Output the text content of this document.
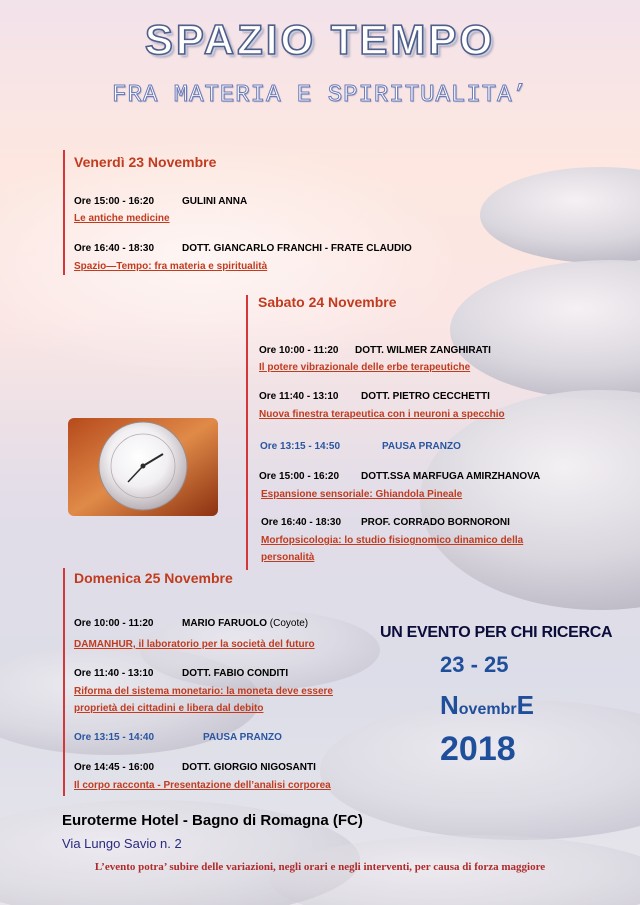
SPAZIO TEMPO
FRA MATERIA E SPIRITUALITA’
Venerdì 23 Novembre
Ore 15:00 - 16:20	GULINI ANNA
Le antiche medicine
Ore 16:40 - 18:30	DOTT. GIANCARLO FRANCHI - FRATE CLAUDIO
Spazio—Tempo: fra materia e spiritualità
Sabato 24 Novembre
Ore 10:00 - 11:20 DOTT. WILMER ZANGHIRATI
Il potere vibrazionale delle erbe terapeutiche
Ore 11:40 - 13:10 DOTT. PIETRO CECCHETTI
Nuova finestra terapeutica con i neuroni a specchio
Ore 13:15 - 14:50	PAUSA PRANZO
Ore 15:00 - 16:20 DOTT.SSA MARFUGA AMIRZHANOVA
Espansione sensoriale: Ghiandola Pineale
Ore 16:40 - 18:30 PROF. CORRADO BORNORONI
Morfopsicologia: lo studio fisiognomico dinamico della
personalità
Domenica 25 Novembre
Ore 10:00 - 11:20	MARIO FARUOLO (Coyote)
DAMANHUR, il laboratorio per la società del futuro
Ore 11:40 - 13:10	DOTT. FABIO CONDITI
Riforma del sistema monetario: la moneta deve essere
proprietà dei cittadini e libera dal debito
Ore 13:15 - 14:40	PAUSA PRANZO
Ore 14:45 - 16:00	DOTT. GIORGIO NIGOSANTI
Il corpo racconta - Presentazione dell’analisi corporea
UN EVENTO PER CHI RICERCA
23 - 25
NovembrE
2018
Euroterme Hotel - Bagno di Romagna (FC)
Via Lungo Savio n. 2
L’evento potra’ subire delle variazioni, negli orari e negli interventi, per causa di forza maggiore
